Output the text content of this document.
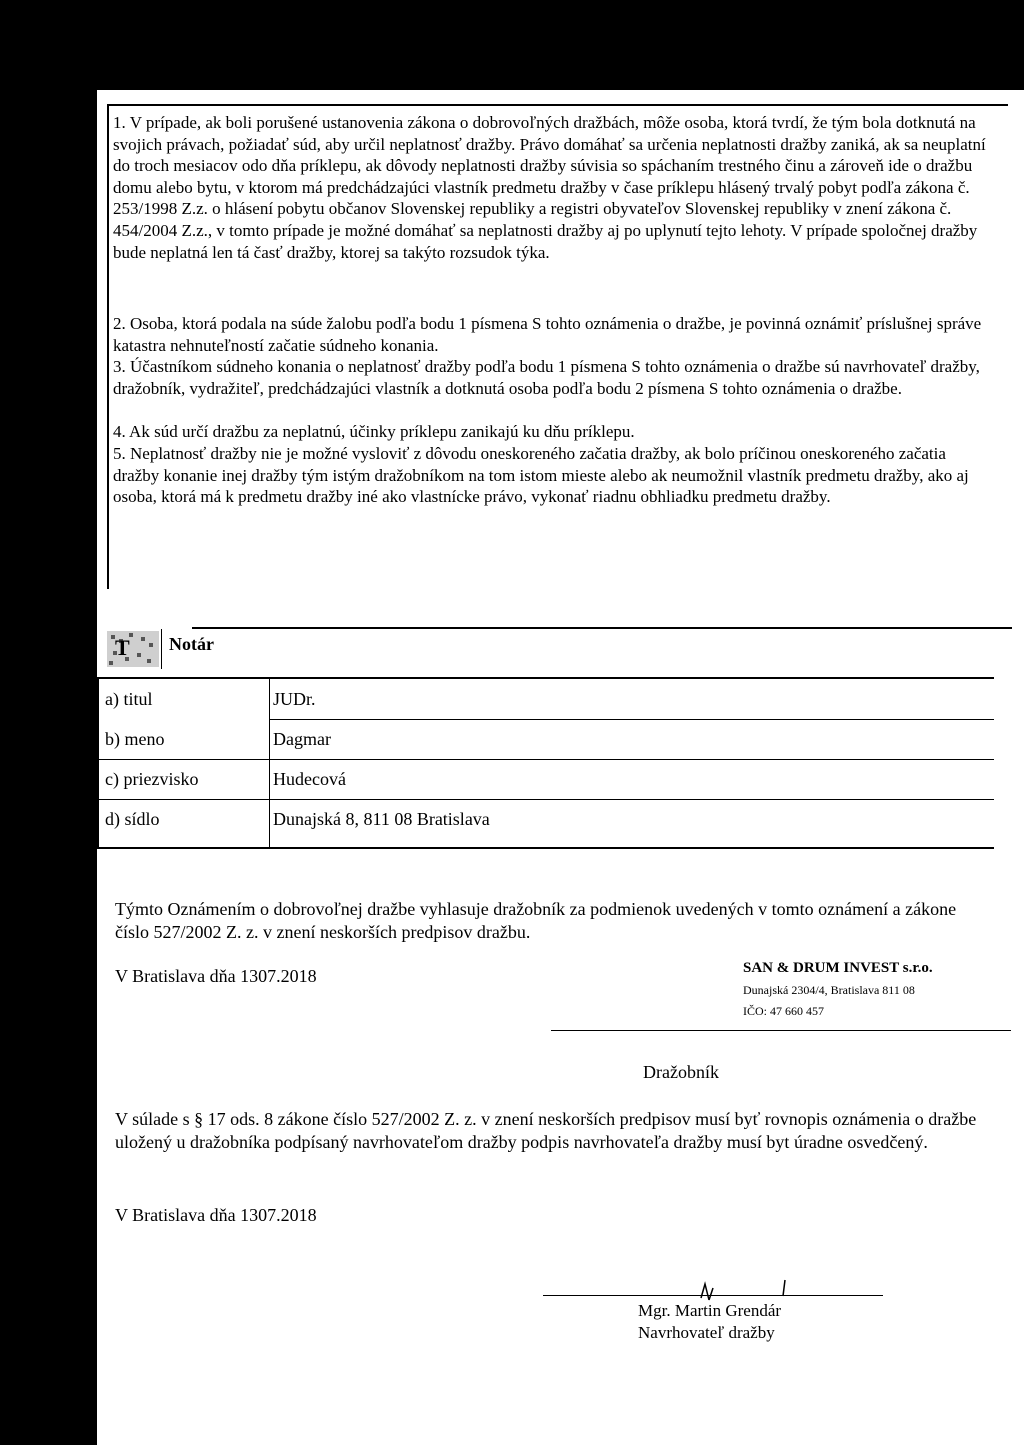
1. V prípade, ak boli porušené ustanovenia zákona o dobrovoľných dražbách, môže osoba, ktorá tvrdí, že tým bola dotknutá na svojich právach, požiadať súd, aby určil neplatnosť dražby. Právo domáhať sa určenia neplatnosti dražby zaniká, ak sa neuplatní do troch mesiacov odo dňa príklepu, ak dôvody neplatnosti dražby súvisia so spáchaním trestného činu a zároveň ide o dražbu domu alebo bytu, v ktorom má predchádzajúci vlastník predmetu dražby v čase príklepu hlásený trvalý pobyt podľa zákona č. 253/1998 Z.z. o hlásení pobytu občanov Slovenskej republiky a registri obyvateľov Slovenskej republiky v znení zákona č. 454/2004 Z.z., v tomto prípade je možné domáhať sa neplatnosti dražby aj po uplynutí tejto lehoty. V prípade spoločnej dražby bude neplatná len tá časť dražby, ktorej sa takýto rozsudok týka.

2. Osoba, ktorá podala na súde žalobu podľa bodu 1 písmena S tohto oznámenia o dražbe, je povinná oznámiť príslušnej správe katastra nehnuteľností začatie súdneho konania.

3. Účastníkom súdneho konania o neplatnosť dražby podľa bodu 1 písmena S tohto oznámenia o dražbe sú navrhovateľ dražby, dražobník, vydražiteľ, predchádzajúci vlastník a dotknutá osoba podľa bodu 2 písmena S tohto oznámenia o dražbe.

4. Ak súd určí dražbu za neplatnú, účinky príklepu zanikajú ku dňu príklepu.

5. Neplatnosť dražby nie je možné vysloviť z dôvodu oneskoreného začatia dražby, ak bolo príčinou oneskoreného začatia dražby konanie inej dražby tým istým dražobníkom na tom istom mieste alebo ak neumožnil vlastník predmetu dražby, ako aj osoba, ktorá má k predmetu dražby iné ako vlastnícke právo, vykonať riadnu obhliadku predmetu dražby.

T Notár
a) titul	JUDr.
b) meno	Dagmar
c) priezvisko	Hudecová
d) sídlo	Dunajská 8, 811 08 Bratislava
Týmto Oznámením o dobrovoľnej dražbe vyhlasuje dražobník za podmienok uvedených v tomto oznámení a zákone číslo 527/2002 Z. z. v znení neskorších predpisov dražbu.
V Bratislava dňa 1307.2018	SAN & DRUM INVEST s.r.o.
Dunajská 2304/4, Bratislava 811 08
IČO: 47 660 457
Dražobník
V súlade s § 17 ods. 8 zákone číslo 527/2002 Z. z. v znení neskorších predpisov musí byť rovnopis oznámenia o dražbe uložený u dražobníka podpísaný navrhovateľom dražby podpis navrhovateľa dražby musí byt úradne osvedčený.
V Bratislava dňa 1307.2018
Mgr. Martin Grendár
Navrhovateľ dražby
